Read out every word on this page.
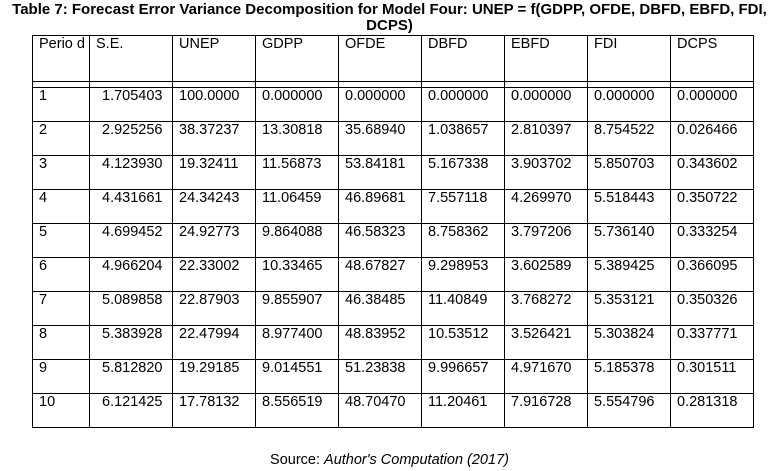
Table 7: Forecast Error Variance Decomposition for Model Four: UNEP = f(GDPP, OFDE, DBFD, EBFD, FDI,
DCPS)
Perio d	S.E.	UNEP	GDPP	OFDE	DBFD	EBFD	FDI	DCPS

1	1.705403	100.0000	0.000000	0.000000	0.000000	0.000000	0.000000	0.000000
2	2.925256	38.37237	13.30818	35.68940	1.038657	2.810397	8.754522	0.026466
3	4.123930	19.32411	11.56873	53.84181	5.167338	3.903702	5.850703	0.343602
4	4.431661	24.34243	11.06459	46.89681	7.557118	4.269970	5.518443	0.350722
5	4.699452	24.92773	9.864088	46.58323	8.758362	3.797206	5.736140	0.333254
6	4.966204	22.33002	10.33465	48.67827	9.298953	3.602589	5.389425	0.366095
7	5.089858	22.87903	9.855907	46.38485	11.40849	3.768272	5.353121	0.350326
8	5.383928	22.47994	8.977400	48.83952	10.53512	3.526421	5.303824	0.337771
9	5.812820	19.29185	9.014551	51.23838	9.996657	4.971670	5.185378	0.301511
10	6.121425	17.78132	8.556519	48.70470	11.20461	7.916728	5.554796	0.281318
Source: Author's Computation (2017)
